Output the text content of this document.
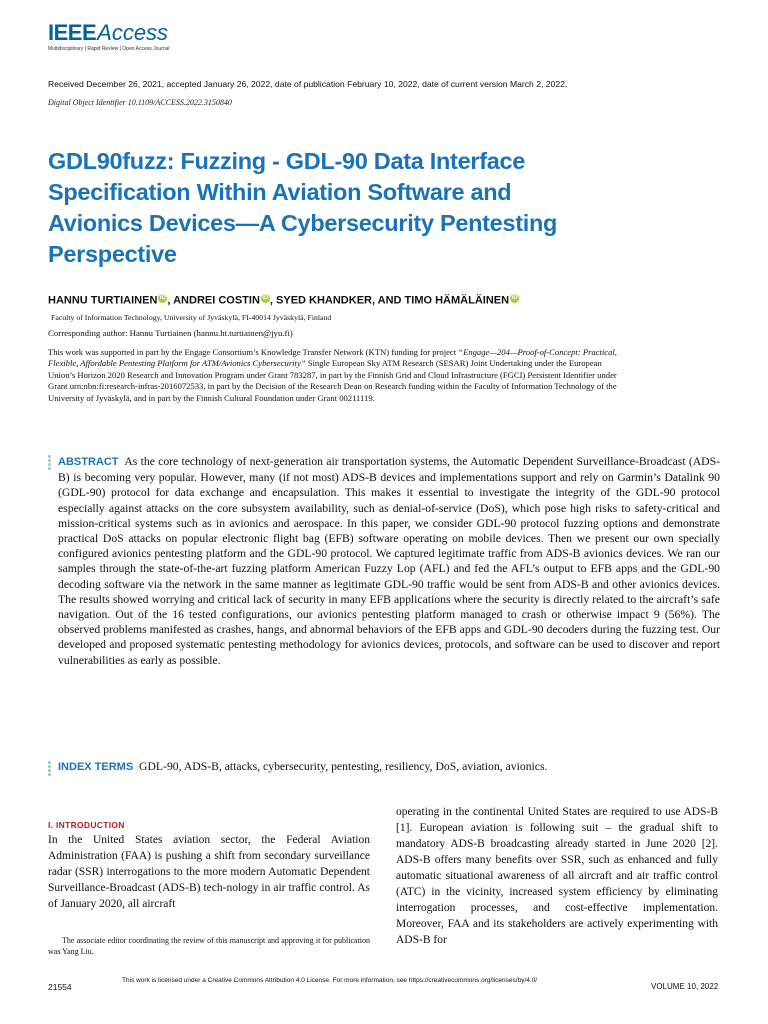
IEEEAccess
Multidisciplinary | Rapid Review | Open Access Journal
Received December 26, 2021, accepted January 26, 2022, date of publication February 10, 2022, date of current version March 2, 2022.
Digital Object Identifier 10.1109/ACCESS.2022.3150840
GDL90fuzz: Fuzzing - GDL-90 Data Interface Specification Within Aviation Software and Avionics Devices—A Cybersecurity Pentesting Perspective
HANNU TURTIAINEN iD , ANDREI COSTIN iD , SYED KHANDKER, AND TIMO HÄMÄLÄINEN iD
Faculty of Information Technology, University of Jyväskylä, FI-40014 Jyväskylä, Finland
Corresponding author: Hannu Turtiainen (hannu.ht.turtiainen@jyu.fi)
This work was supported in part by the Engage Consortium’s Knowledge Transfer Network (KTN) funding for project “Engage—204—Proof-of-Concept: Practical, Flexible, Affordable Pentesting Platform for ATM/Avionics Cybersecurity” Single European Sky ATM Research (SESAR) Joint Undertaking under the European Union’s Horizon 2020 Research and Innovation Program under Grant 783287, in part by the Finnish Grid and Cloud Infrastructure (FGCI) Persistent Identifier under Grant urn:nbn:fi:research-infras-2016072533, in part by the Decision of the Research Dean on Research funding within the Faculty of Information Technology of the University of Jyväskylä, and in part by the Finnish Cultural Foundation under Grant 00211119.
ABSTRACT As the core technology of next-generation air transportation systems, the Automatic Dependent Surveillance-Broadcast (ADS-B) is becoming very popular. However, many (if not most) ADS-B devices and implementations support and rely on Garmin’s Datalink 90 (GDL-90) protocol for data exchange and encapsulation. This makes it essential to investigate the integrity of the GDL-90 protocol especially against attacks on the core subsystem availability, such as denial-of-service (DoS), which pose high risks to safety-critical and mission-critical systems such as in avionics and aerospace. In this paper, we consider GDL-90 protocol fuzzing options and demonstrate practical DoS attacks on popular electronic flight bag (EFB) software operating on mobile devices. Then we present our own specially configured avionics pentesting platform and the GDL-90 protocol. We captured legitimate traffic from ADS-B avionics devices. We ran our samples through the state-of-the-art fuzzing platform American Fuzzy Lop (AFL) and fed the AFL’s output to EFB apps and the GDL-90 decoding software via the network in the same manner as legitimate GDL-90 traffic would be sent from ADS-B and other avionics devices. The results showed worrying and critical lack of security in many EFB applications where the security is directly related to the aircraft’s safe navigation. Out of the 16 tested configurations, our avionics pentesting platform managed to crash or otherwise impact 9 (56%). The observed problems manifested as crashes, hangs, and abnormal behaviors of the EFB apps and GDL-90 decoders during the fuzzing test. Our developed and proposed systematic pentesting methodology for avionics devices, protocols, and software can be used to discover and report vulnerabilities as early as possible.
INDEX TERMS GDL-90, ADS-B, attacks, cybersecurity, pentesting, resiliency, DoS, aviation, avionics.
I. INTRODUCTION
In the United States aviation sector, the Federal Aviation Administration (FAA) is pushing a shift from secondary surveillance radar (SSR) interrogations to the more modern Automatic Dependent Surveillance-Broadcast (ADS-B) tech-nology in air traffic control. As of January 2020, all aircraft
The associate editor coordinating the review of this manuscript and approving it for publication was Yang Liu.
operating in the continental United States are required to use ADS-B [1]. European aviation is following suit – the gradual shift to mandatory ADS-B broadcasting already started in June 2020 [2]. ADS-B offers many benefits over SSR, such as enhanced and fully automatic situational awareness of all aircraft and air traffic control (ATC) in the vicinity, increased system efficiency by eliminating interrogation processes, and cost-effective implementation. Moreover, FAA and its stakeholders are actively experimenting with ADS-B for
21554
This work is licensed under a Creative Commons Attribution 4.0 License. For more information, see https://creativecommons.org/licenses/by/4.0/
VOLUME 10, 2022
